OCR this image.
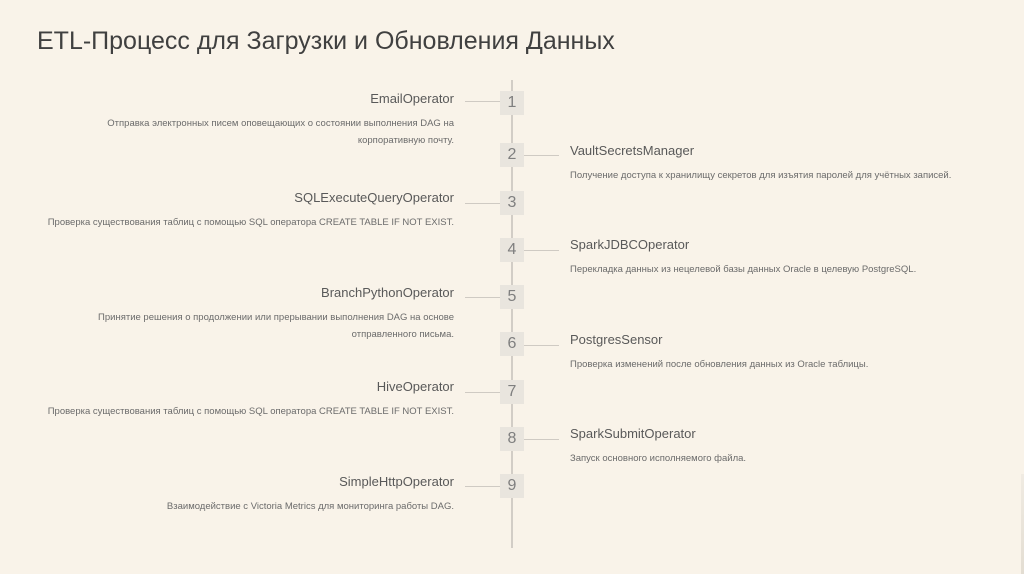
ETL-Процесс для Загрузки и Обновления Данных
1
EmailOperator
Отправка электронных писем оповещающих о состоянии выполнения DAG на корпоративную почту.
2	VaultSecretsManager
Получение доступа к хранилищу секретов для изъятия паролей для учётных записей.
3
SQLExecuteQueryOperator
Проверка существования таблиц с помощью SQL оператора CREATE TABLE IF NOT EXIST.
4	SparkJDBCOperator
Перекладка данных из нецелевой базы данных Oracle в целевую PostgreSQL.
5
BranchPythonOperator
Принятие решения о продолжении или прерывании выполнения DAG на основе отправленного письма.
6	PostgresSensor
Проверка изменений после обновления данных из Oracle таблицы.
7
HiveOperator
Проверка существования таблиц с помощью SQL оператора CREATE TABLE IF NOT EXIST.
8	SparkSubmitOperator
Запуск основного исполняемого файла.
9
SimpleHttpOperator
Взаимодействие с Victoria Metrics для мониторинга работы DAG.
